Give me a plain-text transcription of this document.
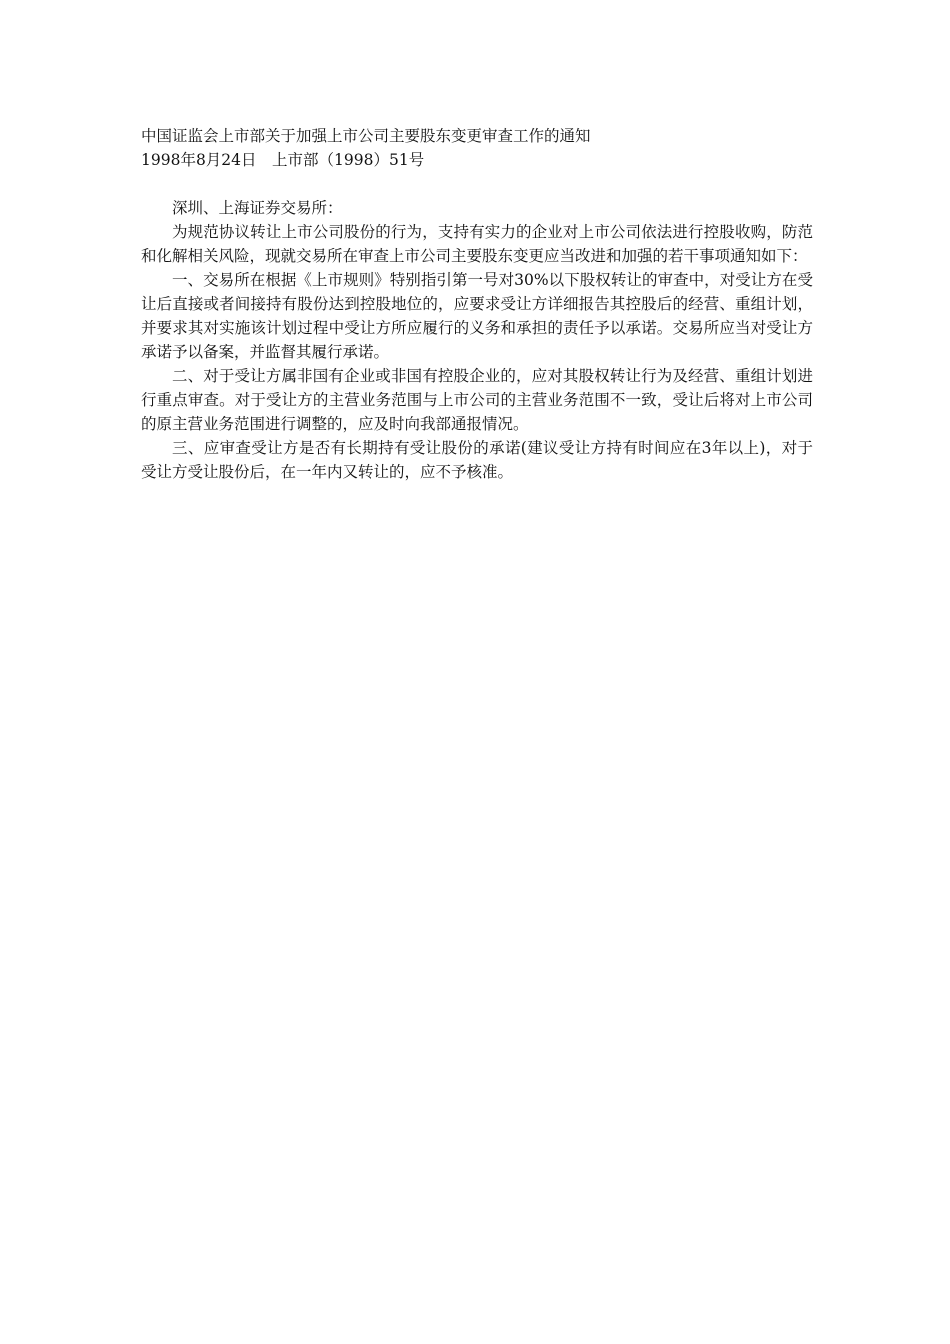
中国证监会上市部关于加强上市公司主要股东变更审查工作的通知
1998年8月24日　上市部（1998）51号

深圳、上海证券交易所：

为规范协议转让上市公司股份的行为，支持有实力的企业对上市公司依法进行控股收购，防范和化解相关风险，现就交易所在审查上市公司主要股东变更应当改进和加强的若干事项通知如下：

一、交易所在根据《上市规则》特别指引第一号对30%以下股权转让的审查中，对受让方在受让后直接或者间接持有股份达到控股地位的，应要求受让方详细报告其控股后的经营、重组计划，并要求其对实施该计划过程中受让方所应履行的义务和承担的责任予以承诺。交易所应当对受让方承诺予以备案，并监督其履行承诺。

二、对于受让方属非国有企业或非国有控股企业的，应对其股权转让行为及经营、重组计划进行重点审查。对于受让方的主营业务范围与上市公司的主营业务范围不一致，受让后将对上市公司的原主营业务范围进行调整的，应及时向我部通报情况。

三、应审查受让方是否有长期持有受让股份的承诺(建议受让方持有时间应在3年以上)，对于受让方受让股份后，在一年内又转让的，应不予核准。
